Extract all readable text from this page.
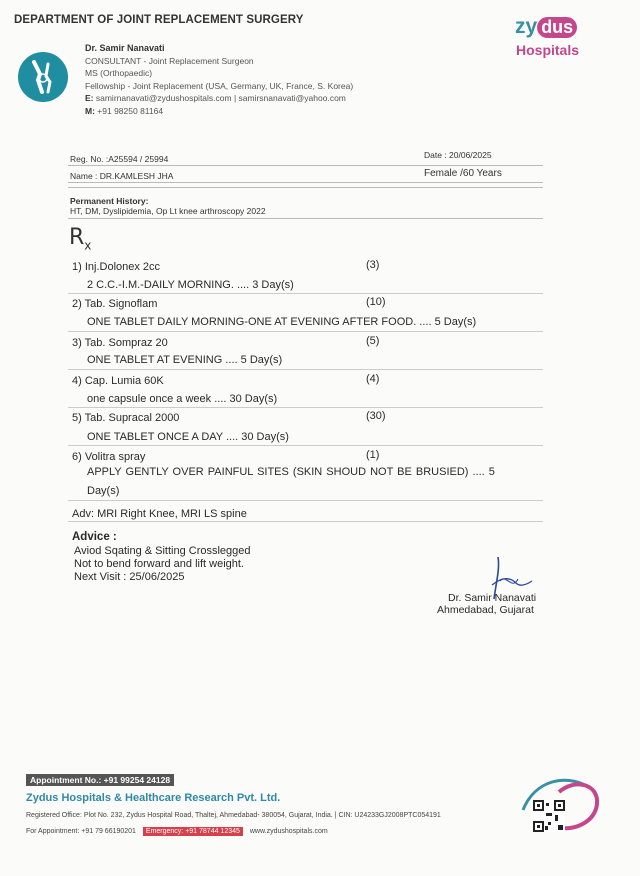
DEPARTMENT OF JOINT REPLACEMENT SURGERY	zy dus
Hospitals
Dr. Samir Nanavati
CONSULTANT - Joint Replacement Surgeon
MS (Orthopaedic)
Fellowship - Joint Replacement (USA, Germany, UK, France, S. Korea)
E: samirnanavati@zydushospitals.com | samirsnanavati@yahoo.com
M: +91 98250 81164
Reg. No. :A25594 / 25994	Date : 20/06/2025
Name : DR.KAMLESH JHA	Female /60 Years
Permanent History:
HT, DM, Dyslipidemia, Op Lt knee arthroscopy 2022
$R_x$
1) Inj.Dolonex 2cc	(3)
2 C.C.-I.M.-DAILY MORNING. .... 3 Day(s)
2) Tab. Signoflam	(10)
ONE TABLET DAILY MORNING-ONE AT EVENING AFTER FOOD. .... 5 Day(s)
3) Tab. Sompraz 20	(5)
ONE TABLET AT EVENING .... 5 Day(s)
4) Cap. Lumia 60K	(4)
one capsule once a week .... 30 Day(s)
5) Tab. Supracal 2000	(30)
ONE TABLET ONCE A DAY .... 30 Day(s)
6) Volitra spray	(1)
APPLY GENTLY OVER PAINFUL SITES (SKIN SHOUD NOT BE BRUSIED) .... 5
Day(s)
Adv: MRI Right Knee, MRI LS spine
Advice :
Aviod Sqating & Sitting Crosslegged
Not to bend forward and lift weight.
Next Visit : 25/06/2025
Dr. Samir Nanavati
Ahmedabad, Gujarat
Appointment No.: +91 99254 24128
Zydus Hospitals & Healthcare Research Pvt. Ltd.
Registered Office: Plot No. 232, Zydus Hospital Road, Thaltej, Ahmedabad- 380054, Gujarat, India. | CIN: U24233GJ2008PTC054191
For Appointment: +91 79 66190201 Emergency: +91 78744 12345 www.zydushospitals.com
